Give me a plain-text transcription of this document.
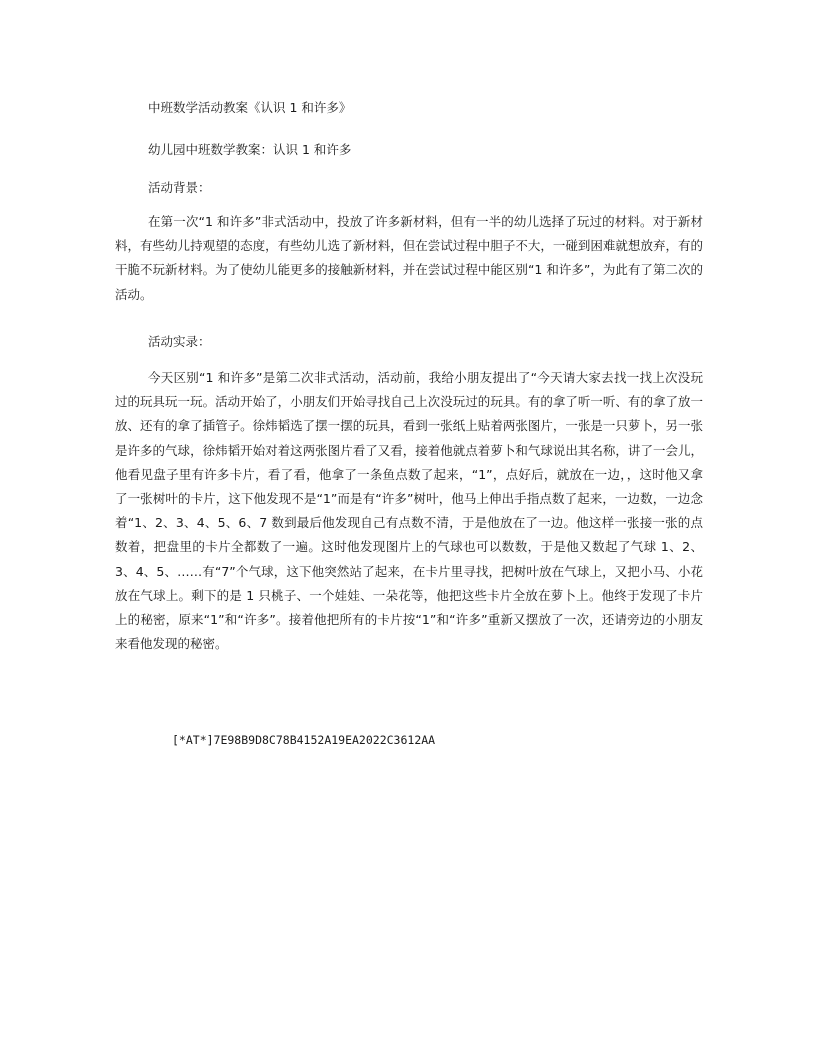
中班数学活动教案《认识 1 和许多》

幼儿园中班数学教案：认识 1 和许多

活动背景：

在第一次“1 和许多”非式活动中，投放了许多新材料，但有一半的幼儿选择了玩过的材料。对于新材料，有些幼儿持观望的态度，有些幼儿选了新材料，但在尝试过程中胆子不大，一碰到困难就想放弃，有的干脆不玩新材料。为了使幼儿能更多的接触新材料，并在尝试过程中能区别“1 和许多”，为此有了第二次的活动。

活动实录：

今天区别“1 和许多”是第二次非式活动，活动前，我给小朋友提出了“今天请大家去找一找上次没玩过的玩具玩一玩。活动开始了，小朋友们开始寻找自己上次没玩过的玩具。有的拿了听一听、有的拿了放一放、还有的拿了插管子。徐炜韬选了摆一摆的玩具，看到一张纸上贴着两张图片，一张是一只萝卜，另一张是许多的气球，徐炜韬开始对着这两张图片看了又看，接着他就点着萝卜和气球说出其名称，讲了一会儿，他看见盘子里有许多卡片，看了看，他拿了一条鱼点数了起来，“1”，点好后，就放在一边，，这时他又拿了一张树叶的卡片，这下他发现不是“1”而是有“许多”树叶，他马上伸出手指点数了起来，一边数，一边念着“1、2、3、4、5、6、7 数到最后他发现自己有点数不清，于是他放在了一边。他这样一张接一张的点数着，把盘里的卡片全都数了一遍。这时他发现图片上的气球也可以数数，于是他又数起了气球 1、2、3、4、5、……有“7”个气球，这下他突然站了起来，在卡片里寻找，把树叶放在气球上，又把小马、小花放在气球上。剩下的是 1 只桃子、一个娃娃、一朵花等，他把这些卡片全放在萝卜上。他终于发现了卡片上的秘密，原来“1”和“许多”。接着他把所有的卡片按“1”和“许多”重新又摆放了一次，还请旁边的小朋友来看他发现的秘密。

[*AT*]7E98B9D8C78B4152A19EA2022C3612AA
